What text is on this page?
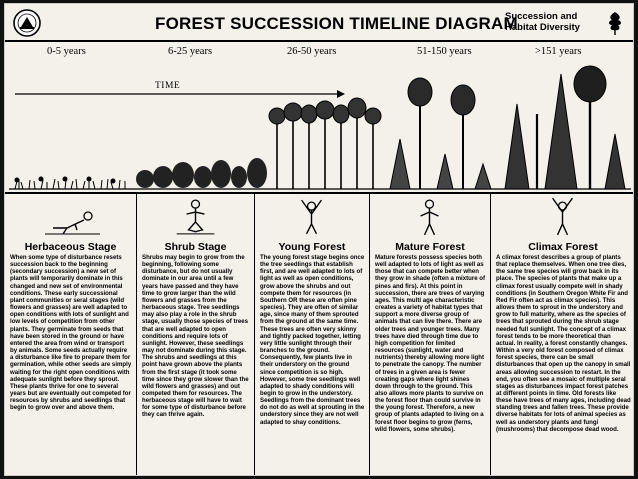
FOREST SUCCESSION TIMELINE DIAGRAM
Succession and Habitat Diversity
0-5 years	6-25 years	26-50 years	51-150 years	>151 years
TIME
Herbaceous Stage
When some type of disturbance resets succession back to the beginning (secondary succession) a new set of plants will temporarily dominate in this changed and new set of environmental conditions. These early successional plant communities or seral stages (wild flowers and grasses) are well adapted to open conditions with lots of sunlight and low levels of competition from other plants. They germinate from seeds that have been stored in the ground or have entered the area from wind or transport by animals. Some seeds actually require a disturbance like fire to prepare them for germination, while other seeds are simply waiting for the right open conditions with adequate sunlight before they sprout. These plants thrive for one to several years but are eventually out competed for resources by shrubs and seedlings that begin to grow over and above them.
Shrub Stage
Shrubs may begin to grow from the beginning, following some disturbance, but do not usually dominate in our area until a few years have passed and they have time to grow larger than the wild flowers and grasses from the herbaceous stage. Tree seedlings may also play a role in the shrub stage, usually those species of trees that are well adapted to open conditions and require lots of sunlight. However, these seedlings may not dominate during this stage. The shrubs and seedlings at this point have grown above the plants from the first stage (it took some time since they grow slower than the wild flowers and grasses) and out competed them for resources. The herbaceous stage will have to wait for some type of disturbance before they can thrive again.
Young Forest
The young forest stage begins once the tree seedlings that establish first, and are well adapted to lots of light as well as open conditions, grow above the shrubs and out compete them for resources (in Southern OR these are often pine species). They are often of similar age, since many of them sprouted from the ground at the same time. These trees are often very skinny and tightly packed together, letting very little sunlight through their branches to the ground. Consequently, few plants live in their understory on the ground since competition is so high. However, some tree seedlings well adapted to shady conditions will begin to grow in the understory. Seedlings from the dominant trees do not do as well at sprouting in the understory since they are not well adapted to shay conditions.
Mature Forest
Mature forests possess species both well adapted to lots of light as well as those that can compete better when they grow in shade (often a mixture of pines and firs). At this point in succession, there are trees of varying ages. This multi age characteristic creates a variety of habitat types that support a more diverse group of animals that can live there. There are older trees and younger trees. Many trees have died through time due to high competition for limited resources (sunlight, water and nutrients) thereby allowing more light to penetrate the canopy. The number of trees in a given area is fewer creating gaps where light shines down through to the ground. This also allows more plants to survive on the forest floor than could survive in the young forest. Therefore, a new group of plants adapted to living on a forest floor begins to grow (ferns, wild flowers, some shrubs).
Climax Forest
A climax forest describes a group of plants that replace themselves. When one tree dies, the same tree species will grow back in its place. The species of plants that make up a climax forest usually compete well in shady conditions (in Southern Oregon White Fir and Red Fir often act as climax species). This allows them to sprout in the understory and grow to full maturity, where as the species of trees that sprouted during the shrub stage needed full sunlight. The concept of a climax forest tends to be more theoretical than actual. In reality, a forest constantly changes. Within a very old forest composed of climax forest species, there can be small disturbances that open up the canopy in small areas allowing succession to restart. In the end, you often see a mosaic of multiple seral stages as disturbances impact forest patches at different points in time. Old forests like these have trees of many ages, including dead standing trees and fallen trees. These provide diverse habitats for lots of animal species as well as understory plants and fungi (mushrooms) that decompose dead wood.
